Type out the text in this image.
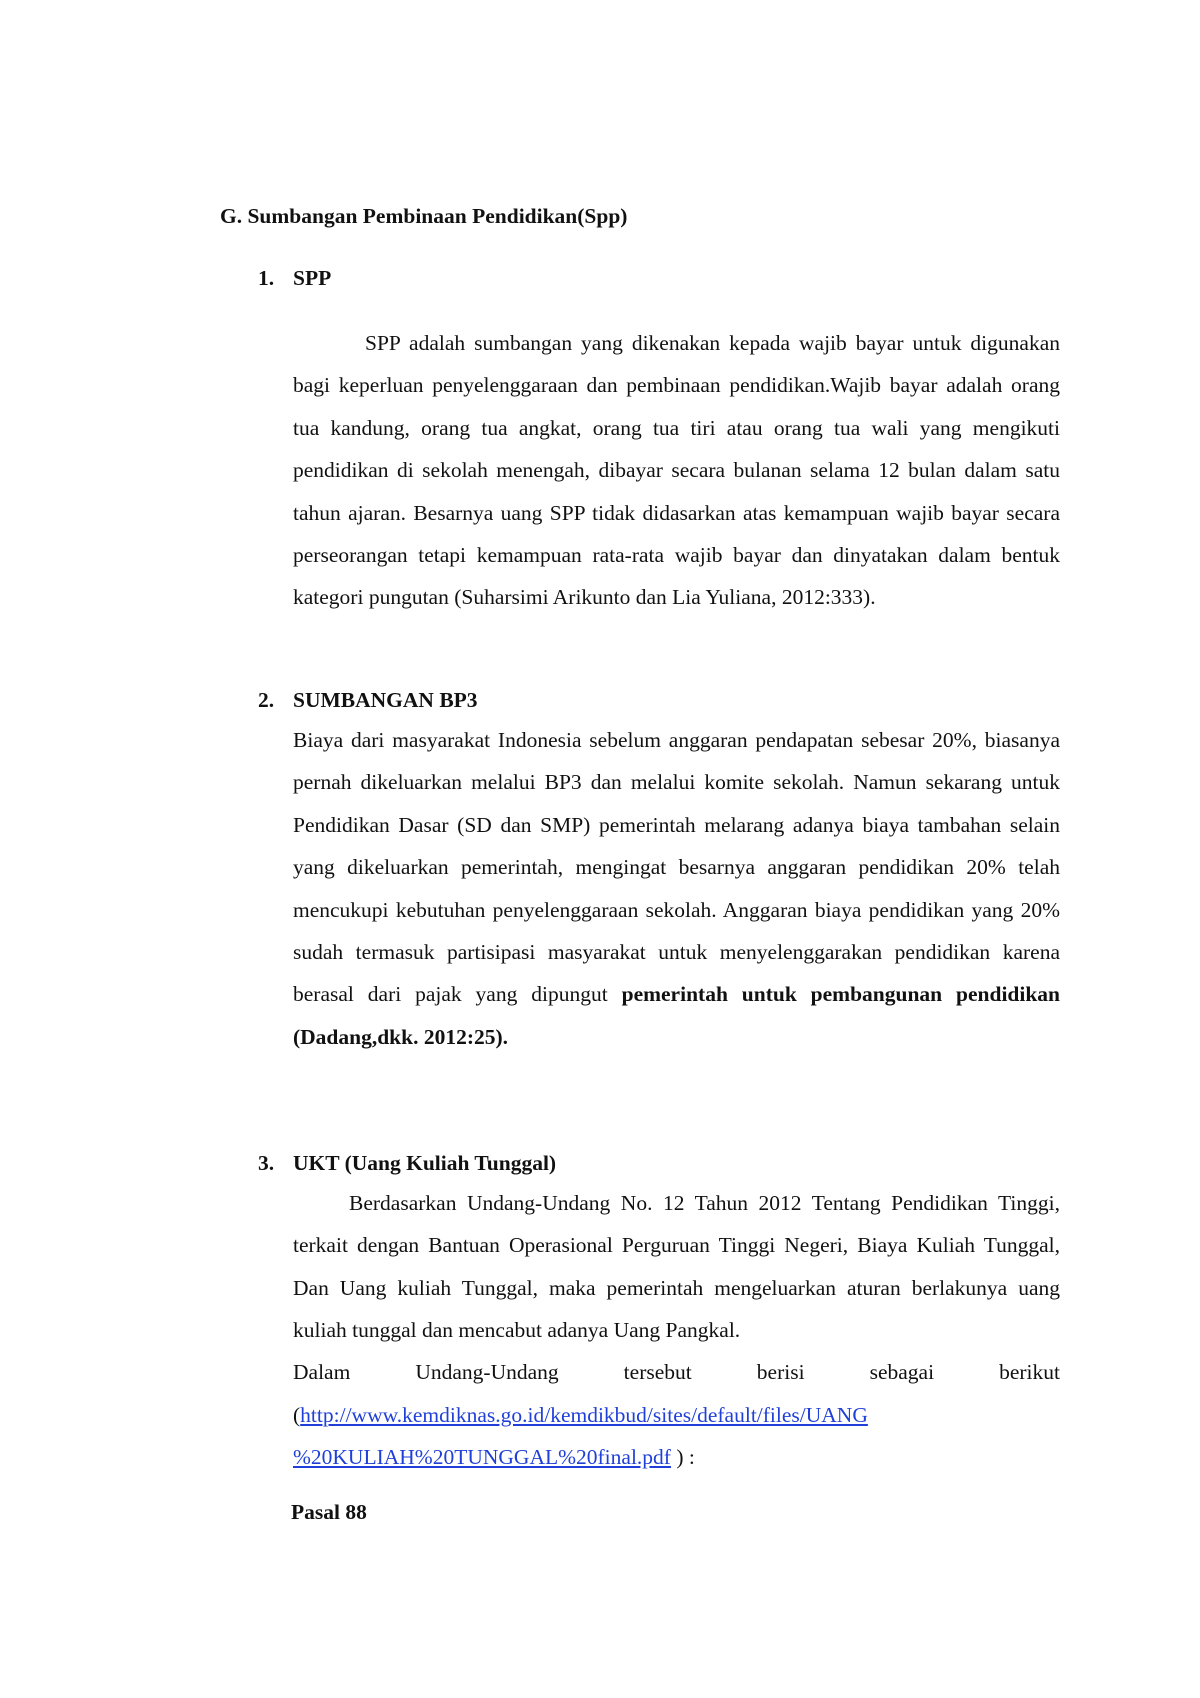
G. Sumbangan Pembinaan Pendidikan(Spp)
1. SPP

SPP adalah sumbangan yang dikenakan kepada wajib bayar untuk digunakan bagi keperluan penyelenggaraan dan pembinaan pendidikan.Wajib bayar adalah orang tua kandung, orang tua angkat, orang tua tiri atau orang tua wali yang mengikuti pendidikan di sekolah menengah, dibayar secara bulanan selama 12 bulan dalam satu tahun ajaran. Besarnya uang SPP tidak didasarkan atas kemampuan wajib bayar secara perseorangan tetapi kemampuan rata-rata wajib bayar dan dinyatakan dalam bentuk kategori pungutan (Suharsimi Arikunto dan Lia Yuliana, 2012:333).

2. SUMBANGAN BP3

Biaya dari masyarakat Indonesia sebelum anggaran pendapatan sebesar 20%, biasanya pernah dikeluarkan melalui BP3 dan melalui komite sekolah. Namun sekarang untuk Pendidikan Dasar (SD dan SMP) pemerintah melarang adanya biaya tambahan selain yang dikeluarkan pemerintah, mengingat besarnya anggaran pendidikan 20% telah mencukupi kebutuhan penyelenggaraan sekolah. Anggaran biaya pendidikan yang 20% sudah termasuk partisipasi masyarakat untuk menyelenggarakan pendidikan karena berasal dari pajak yang dipungut pemerintah untuk pembangunan pendidikan (Dadang,dkk. 2012:25).

3. UKT (Uang Kuliah Tunggal)

Berdasarkan Undang-Undang No. 12 Tahun 2012 Tentang Pendidikan Tinggi, terkait dengan Bantuan Operasional Perguruan Tinggi Negeri, Biaya Kuliah Tunggal, Dan Uang kuliah Tunggal, maka pemerintah mengeluarkan aturan berlakunya uang kuliah tunggal dan mencabut adanya Uang Pangkal.

Dalam Undang-Undang tersebut berisi sebagai berikut

(http://www.kemdiknas.go.id/kemdikbud/sites/default/files/UANG
%20KULIAH%20TUNGGAL%20final.pdf ) :

Pasal 88
